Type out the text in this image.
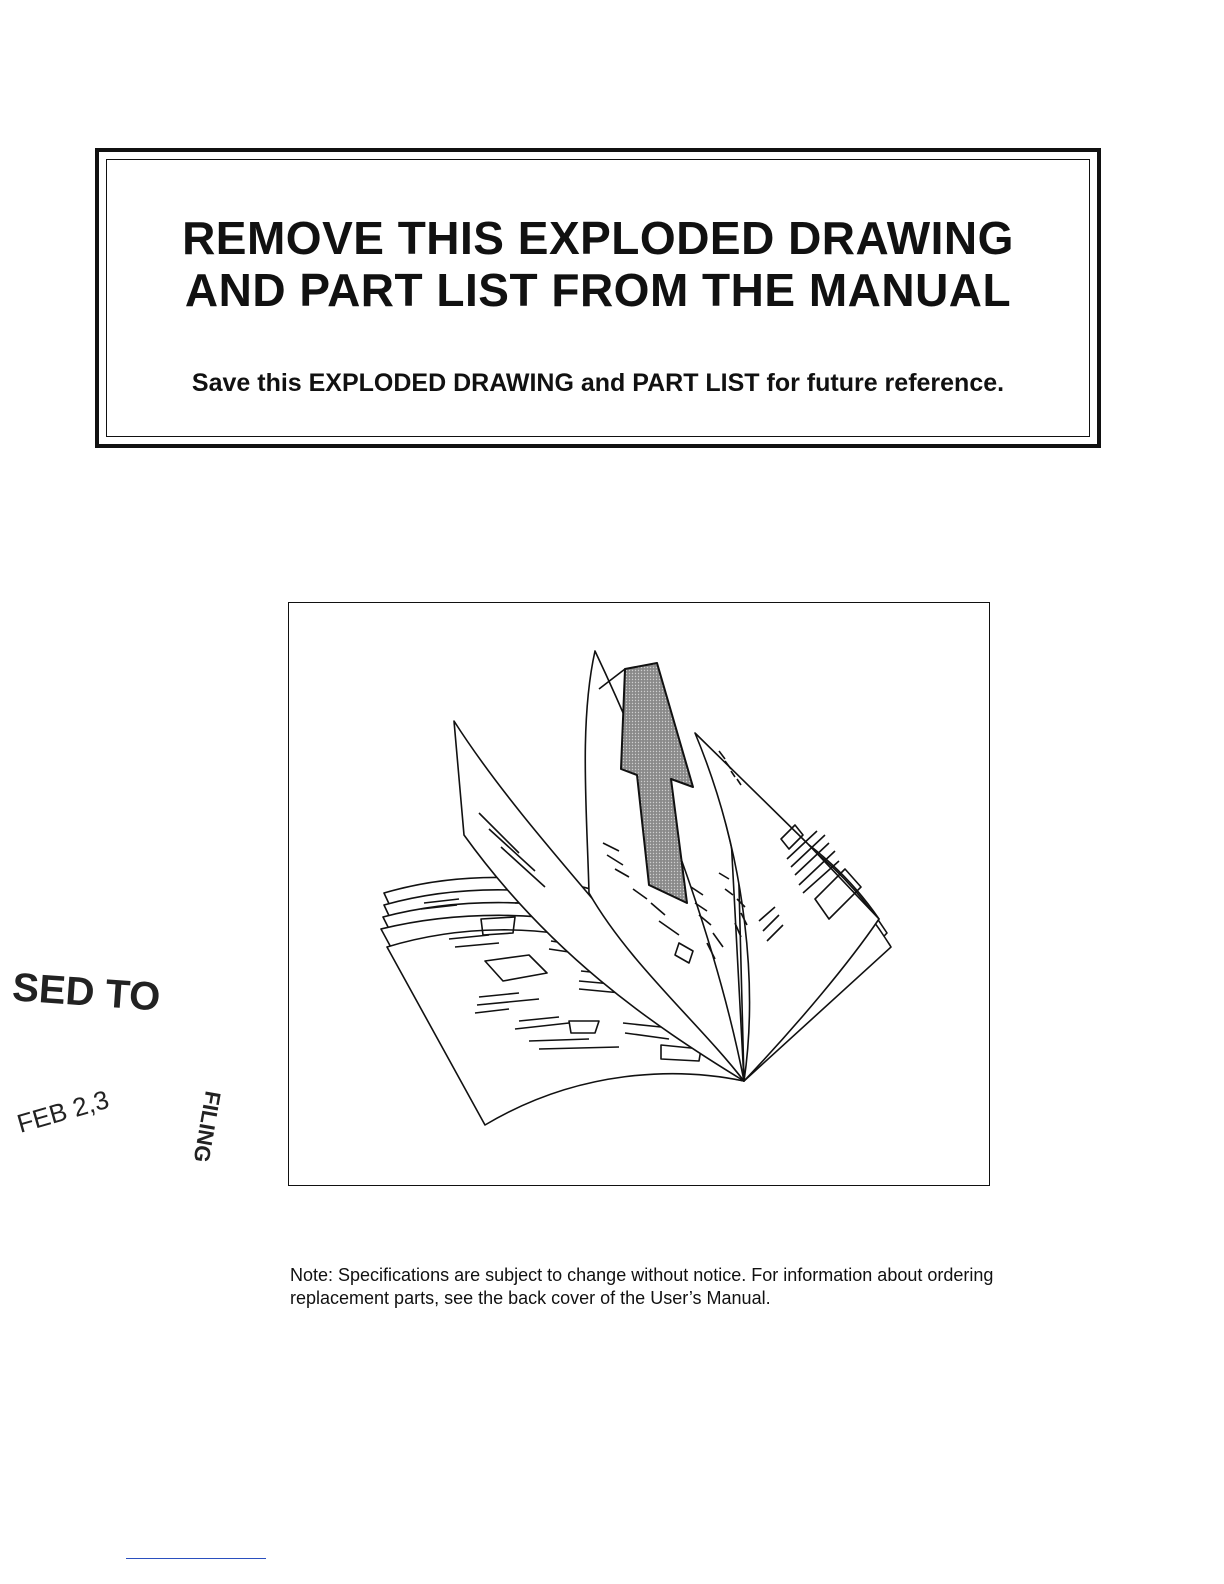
REMOVE THIS EXPLODED DRAWING
AND PART LIST FROM THE MANUAL

Save this EXPLODED DRAWING and PART LIST for future reference.

Note: Specifications are subject to change without notice. For information about ordering replacement parts, see the back cover of the User’s Manual.

SED TO
FEB 2,3	FILING
